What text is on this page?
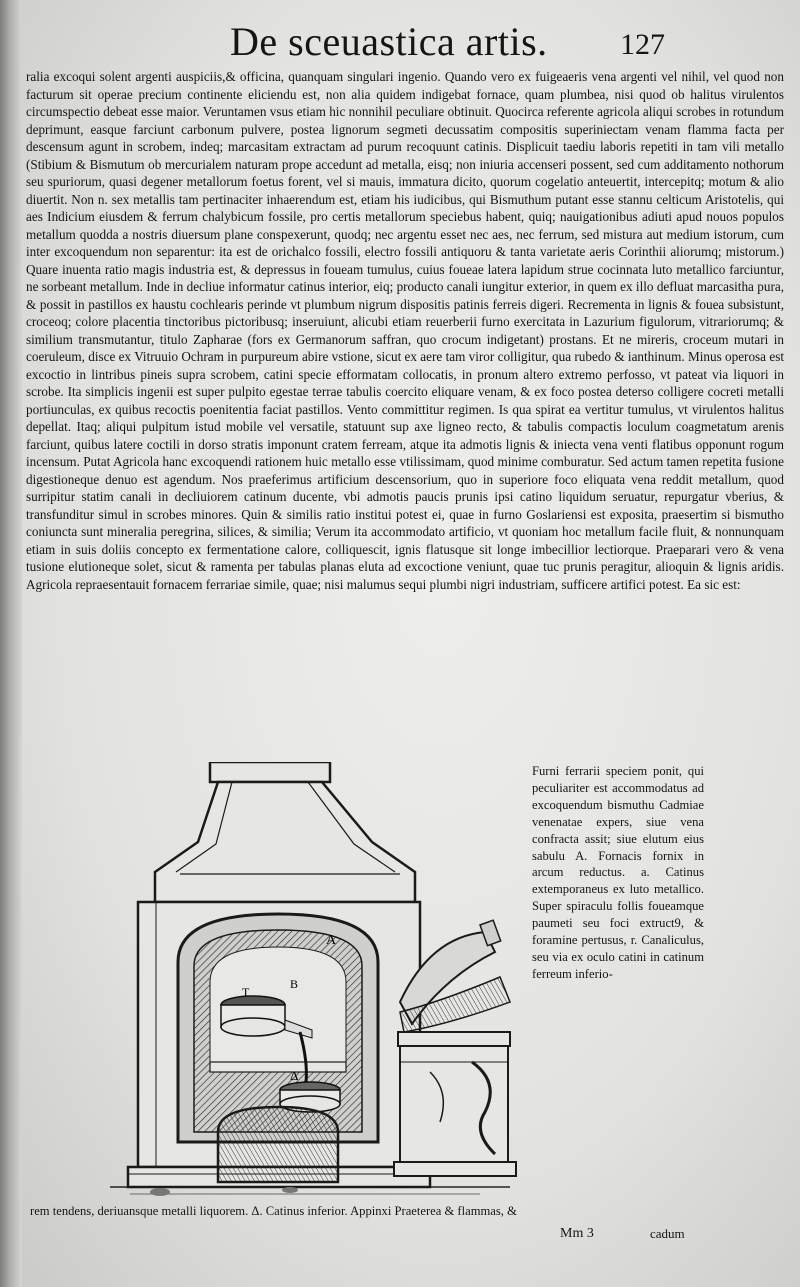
De sceuastica artis. 127

ralia excoqui solent argenti auspiciis,& officina, quanquam singulari ingenio. Quando vero ex fuigeaeris vena argenti vel nihil, vel quod non facturum sit operae precium continente eliciendu est, non alia quidem indigebat fornace, quam plumbea, nisi quod ob halitus virulentos circumspectio debeat esse maior. Veruntamen vsus etiam hic nonnihil peculiare obtinuit. Quocirca referente agricola aliqui scrobes in rotundum deprimunt, easque farciunt carbonum pulvere, postea lignorum segmeti decussatim compositis superiniectam venam flamma facta per descensum agunt in scrobem, indeq; marcasitam extractam ad purum recoquunt catinis. Displicuit taediu laboris repetiti in tam vili metallo (Stibium & Bismutum ob mercurialem naturam prope accedunt ad metalla, eisq; non iniuria accenseri possent, sed cum additamento nothorum seu spuriorum, quasi degener metallorum foetus forent, vel si mauis, immatura dicito, quorum cogelatio anteuertit, intercepitq; motum & alio diuertit. Non n. sex metallis tam pertinaciter inhaerendum est, etiam his iudicibus, qui Bismuthum putant esse stannu celticum Aristotelis, qui aes Indicium eiusdem & ferrum chalybicum fossile, pro certis metallorum speciebus habent, quiq; nauigationibus adiuti apud nouos populos metallum quodda a nostris diuersum plane conspexerunt, quodq; nec argentu esset nec aes, nec ferrum, sed mistura aut medium istorum, cum inter excoquendum non separentur: ita est de orichalco fossili, electro fossili antiquoru & tanta varietate aeris Corinthii aliorumq; mistorum.) Quare inuenta ratio magis industria est, & depressus in foueam tumulus, cuius foueae latera lapidum strue cocinnata luto metallico farciuntur, ne sorbeant metallum. Inde in decliue informatur catinus interior, eiq; producto canali iungitur exterior, in quem ex illo defluat marcasitha pura, & possit in pastillos ex haustu cochlearis perinde vt plumbum nigrum dispositis patinis ferreis digeri. Recrementa in lignis & fouea subsistunt, croceoq; colore placentia tinctoribus pictoribusq; inseruiunt, alicubi etiam reuerberii furno exercitata in Lazurium figulorum, vitrariorumq; & similium transmutantur, titulo Zapharae (fors ex Germanorum saffran, quo crocum indigetant) prostans. Et ne mireris, croceum mutari in coeruleum, disce ex Vitruuio Ochram in purpureum abire vstione, sicut ex aere tam viror colligitur, qua rubedo & ianthinum. Minus operosa est excoctio in lintribus pineis supra scrobem, catini specie efformatam collocatis, in pronum altero extremo perfosso, vt pateat via liquori in scrobe. Ita simplicis ingenii est super pulpito egestae terrae tabulis coercito eliquare venam, & ex foco postea deterso colligere cocreti metalli portiunculas, ex quibus recoctis poenitentia faciat pastillos. Vento committitur regimen. Is qua spirat ea vertitur tumulus, vt virulentos halitus depellat. Itaq; aliqui pulpitum istud mobile vel versatile, statuunt sup axe ligneo recto, & tabulis compactis loculum coagmetatum arenis farciunt, quibus latere coctili in dorso stratis imponunt cratem ferream, atque ita admotis lignis & iniecta vena venti flatibus opponunt rogum incensum. Putat Agricola hanc excoquendi rationem huic metallo esse vtilissimam, quod minime comburatur. Sed actum tamen repetita fusione digestioneque denuo est agendum. Nos praeferimus artificium descensorium, quo in superiore foco eliquata vena reddit metallum, quod surripitur statim canali in decliuiorem catinum ducente, vbi admotis paucis prunis ipsi catino liquidum seruatur, repurgatur vberius, & transfunditur simul in scrobes minores. Quin & similis ratio institui potest ei, quae in furno Goslariensi est exposita, praesertim si bismutho coniuncta sunt mineralia peregrina, silices, & similia; Verum ita accommodato artificio, vt quoniam hoc metallum facile fluit, & nonnunquam etiam in suis doliis concepto ex fermentatione calore, colliquescit, ignis flatusque sit longe imbecillior lectiorque. Praeparari vero & vena tusione elutioneque solet, sicut & ramenta per tabulas planas eluta ad excoctione veniunt, quae tuc prunis peragitur, alioquin & lignis aridis. Agricola repraesentauit fornacem ferrariae simile, quae; nisi malumus sequi plumbi nigri industriam, sufficere artifici potest. Ea sic est:

A
T
B
Δ

Furni ferrarii speciem ponit, qui peculiariter est accommodatus ad excoquendum bismuthu Cadmiae venenatae expers, siue vena confracta assit; siue elutum eius sabulu A. Fornacis fornix in arcum reductus. a. Catinus extemporaneus ex luto metallico. Super spiraculu follis foueamque paumeti seu foci extruct9, & foramine pertusus, r. Canaliculus, seu via ex oculo catini in catinum ferreum inferio-

rem tendens, deriuansque metalli liquorem. Δ. Catinus inferior. Appinxi Praeterea & flammas, &
Mm 3	cadum
